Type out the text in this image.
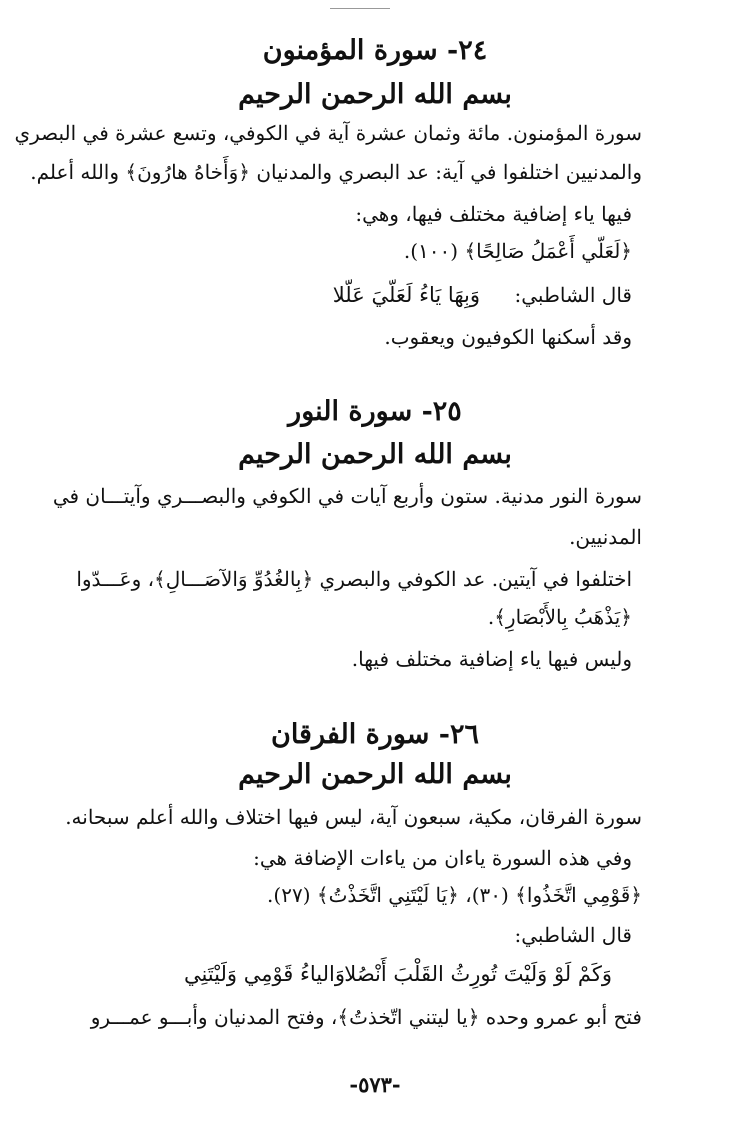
٢٤- سورة المؤمنون
بسم الله الرحمن الرحيم
سورة المؤمنون. مائة وثمان عشرة آية في الكوفي، وتسع عشرة في البصري
والمدنيين اختلفوا في آية: عد البصري والمدنيان ﴿وَأَخاهُ هارُونَ﴾ والله أعلم.
فيها ياء إضافية مختلف فيها، وهي:
﴿لَعَلّي أَعْمَلُ صَالِحًا﴾ (١٠٠).
قال الشاطبي:
وَبِهَا يَاءُ لَعَلّيَ عَلّلا
وقد أسكنها الكوفيون ويعقوب.
٢٥- سورة النور
بسم الله الرحمن الرحيم
سورة النور مدنية. ستون وأربع آيات في الكوفي والبصـــري وآيتـــان في
المدنيين.
اختلفوا في آيتين. عد الكوفي والبصري ﴿بِالغُدُوِّ وَالآصَـــالِ﴾، وعَـــدّوا
﴿يَذْهَبُ بِالأَبْصَارِ﴾.
وليس فيها ياء إضافية مختلف فيها.
٢٦- سورة الفرقان
بسم الله الرحمن الرحيم
سورة الفرقان، مكية، سبعون آية، ليس فيها اختلاف والله أعلم سبحانه.
وفي هذه السورة ياءان من ياءات الإضافة هي:
﴿قَوْمِي اتَّخَذُوا﴾ (٣٠)، ﴿يَا لَيْتَنِي اتَّخَذْتُ﴾ (٢٧).
قال الشاطبي:
وَالياءُ قَوْمِي وَلَيْتَنِي وَكَمْ لَوْ وَلَيْتَ تُورِثُ القَلْبَ أَنْصُلا
فتح أبو عمرو وحده ﴿يا ليتني اتّخذتُ﴾، وفتح المدنيان وأبـــو عمـــرو
-٥٧٣-
